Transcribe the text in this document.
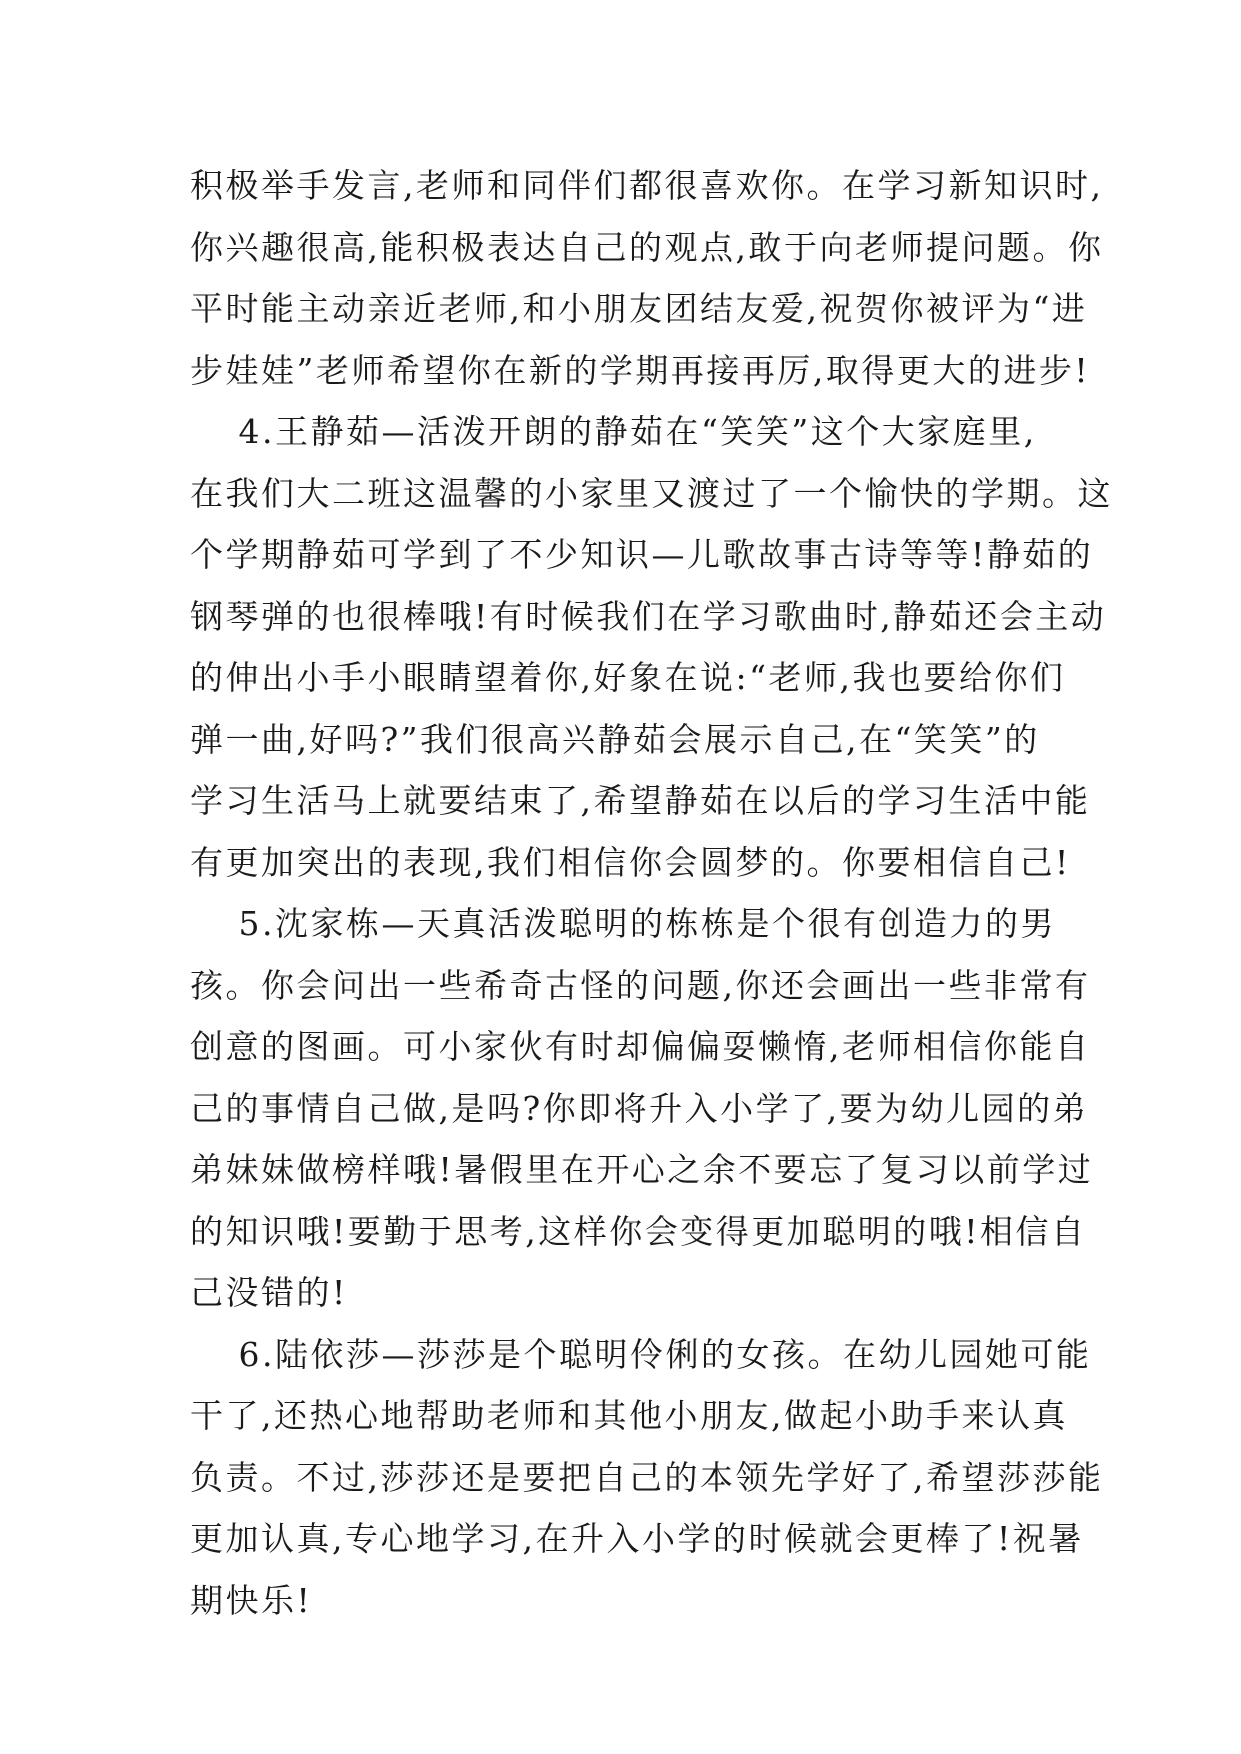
积极举手发言,老师和同伴们都很喜欢你。在学习新知识时,
你兴趣很高,能积极表达自己的观点,敢于向老师提问题。你
平时能主动亲近老师,和小朋友团结友爱,祝贺你被评为“进
步娃娃”老师希望你在新的学期再接再厉,取得更大的进步!
　 4.王静茹—活泼开朗的静茹在“笑笑”这个大家庭里,
在我们大二班这温馨的小家里又渡过了一个愉快的学期。这
个学期静茹可学到了不少知识—儿歌故事古诗等等!静茹的
钢琴弹的也很棒哦!有时候我们在学习歌曲时,静茹还会主动
的伸出小手小眼睛望着你,好象在说:“老师,我也要给你们
弹一曲,好吗?”我们很高兴静茹会展示自己,在“笑笑”的
学习生活马上就要结束了,希望静茹在以后的学习生活中能
有更加突出的表现,我们相信你会圆梦的。你要相信自己!
　 5.沈家栋—天真活泼聪明的栋栋是个很有创造力的男
孩。你会问出一些希奇古怪的问题,你还会画出一些非常有
创意的图画。可小家伙有时却偏偏耍懒惰,老师相信你能自
己的事情自己做,是吗?你即将升入小学了,要为幼儿园的弟
弟妹妹做榜样哦!暑假里在开心之余不要忘了复习以前学过
的知识哦!要勤于思考,这样你会变得更加聪明的哦!相信自
己没错的!
　 6.陆依莎—莎莎是个聪明伶俐的女孩。在幼儿园她可能
干了,还热心地帮助老师和其他小朋友,做起小助手来认真
负责。不过,莎莎还是要把自己的本领先学好了,希望莎莎能
更加认真,专心地学习,在升入小学的时候就会更棒了!祝暑
期快乐!
